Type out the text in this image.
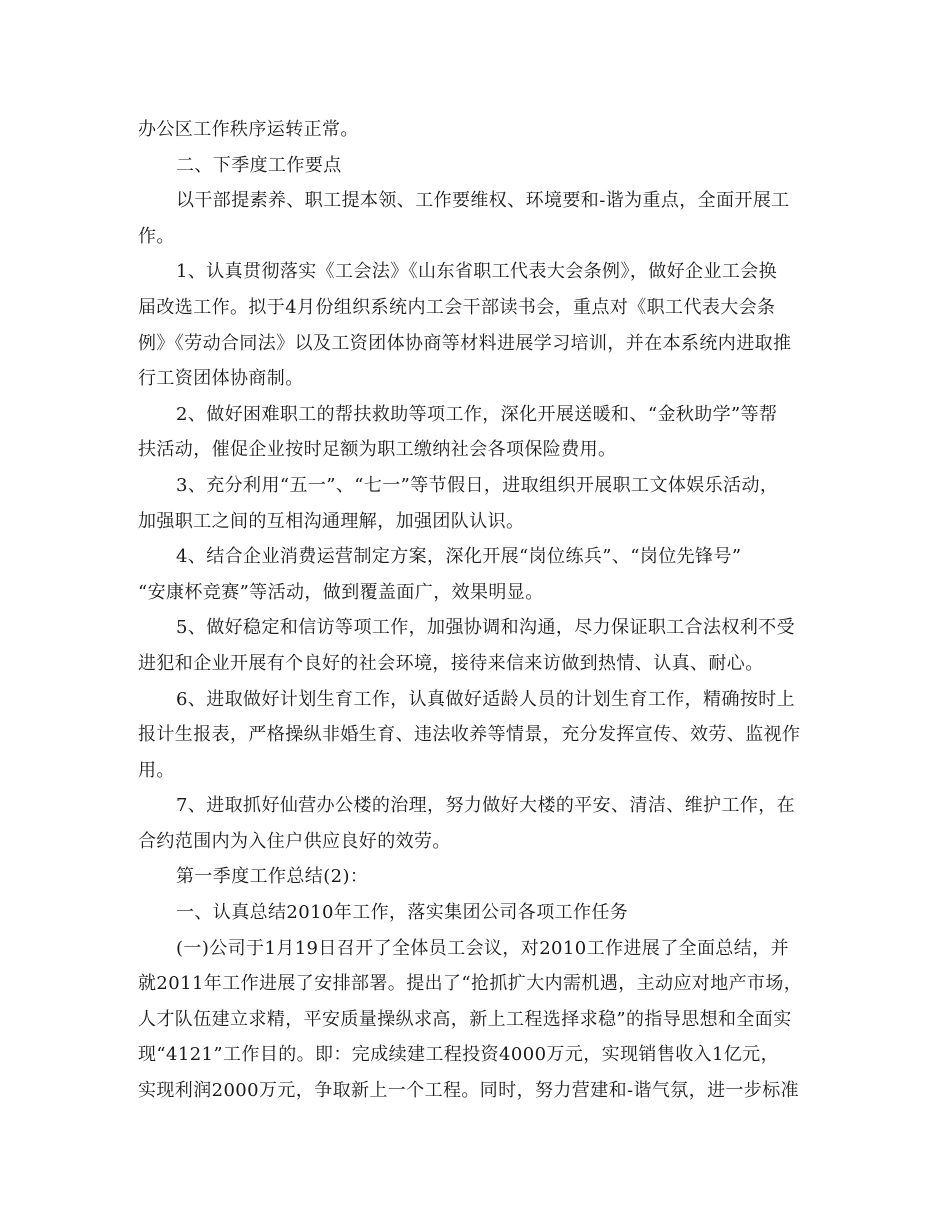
办公区工作秩序运转正常。
二、下季度工作要点
以干部提素养、职工提本领、工作要维权、环境要和-谐为重点，全面开展工
作。
1、认真贯彻落实《工会法》《山东省职工代表大会条例》，做好企业工会换
届改选工作。拟于4月份组织系统内工会干部读书会，重点对《职工代表大会条
例》《劳动合同法》以及工资团体协商等材料进展学习培训，并在本系统内进取推
行工资团体协商制。
2、做好困难职工的帮扶救助等项工作，深化开展送暖和、“金秋助学”等帮
扶活动，催促企业按时足额为职工缴纳社会各项保险费用。
3、充分利用“五一”、“七一”等节假日，进取组织开展职工文体娱乐活动，
加强职工之间的互相沟通理解，加强团队认识。
4、结合企业消费运营制定方案，深化开展“岗位练兵”、“岗位先锋号”
“安康杯竞赛”等活动，做到覆盖面广，效果明显。
5、做好稳定和信访等项工作，加强协调和沟通，尽力保证职工合法权利不受
进犯和企业开展有个良好的社会环境，接待来信来访做到热情、认真、耐心。
6、进取做好计划生育工作，认真做好适龄人员的计划生育工作，精确按时上
报计生报表，严格操纵非婚生育、违法收养等情景，充分发挥宣传、效劳、监视作
用。
7、进取抓好仙营办公楼的治理，努力做好大楼的平安、清洁、维护工作，在
合约范围内为入住户供应良好的效劳。
第一季度工作总结(2)：
一、认真总结2010年工作，落实集团公司各项工作任务
(一)公司于1月19日召开了全体员工会议，对2010工作进展了全面总结，并
就2011年工作进展了安排部署。提出了“抢抓扩大内需机遇，主动应对地产市场，
人才队伍建立求精，平安质量操纵求高，新上工程选择求稳”的指导思想和全面实
现“4121”工作目的。即：完成续建工程投资4000万元，实现销售收入1亿元，
实现利润2000万元，争取新上一个工程。同时，努力营建和-谐气氛，进一步标准
